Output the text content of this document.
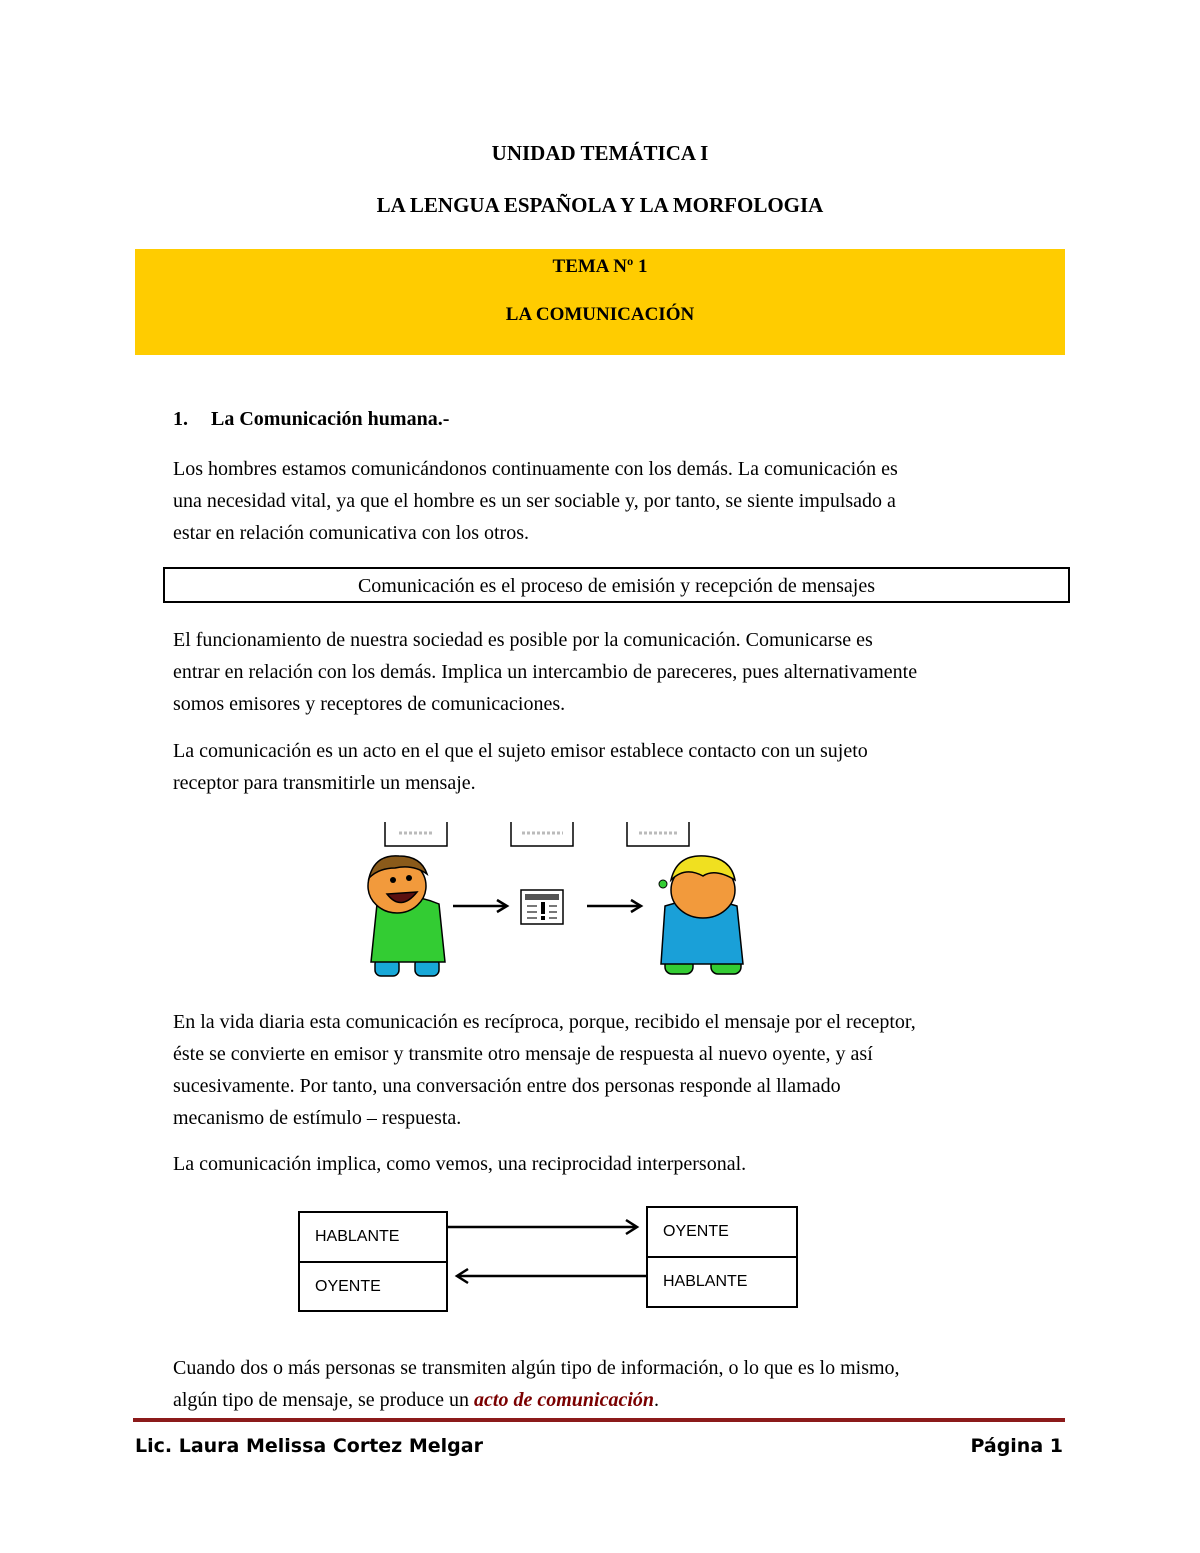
UNIDAD TEMÁTICA I
LA LENGUA ESPAÑOLA Y LA MORFOLOGIA
TEMA Nº 1
LA COMUNICACIÓN
1. La Comunicación humana.-
Los hombres estamos comunicándonos continuamente con los demás. La comunicación es
una necesidad vital, ya que el hombre es un ser sociable y, por tanto, se siente impulsado a
estar en relación comunicativa con los otros.
Comunicación es el proceso de emisión y recepción de mensajes
El funcionamiento de nuestra sociedad es posible por la comunicación. Comunicarse es
entrar en relación con los demás. Implica un intercambio de pareceres, pues alternativamente
somos emisores y receptores de comunicaciones.
La comunicación es un acto en el que el sujeto emisor establece contacto con un sujeto
receptor para transmitirle un mensaje.
En la vida diaria esta comunicación es recíproca, porque, recibido el mensaje por el receptor,
éste se convierte en emisor y transmite otro mensaje de respuesta al nuevo oyente, y así
sucesivamente. Por tanto, una conversación entre dos personas responde al llamado
mecanismo de estímulo – respuesta.
La comunicación implica, como vemos, una reciprocidad interpersonal.
HABLANTE
OYENTE
OYENTE
HABLANTE
Cuando dos o más personas se transmiten algún tipo de información, o lo que es lo mismo,
algún tipo de mensaje, se produce un acto de comunicación.
Lic. Laura Melissa Cortez Melgar	Página 1
